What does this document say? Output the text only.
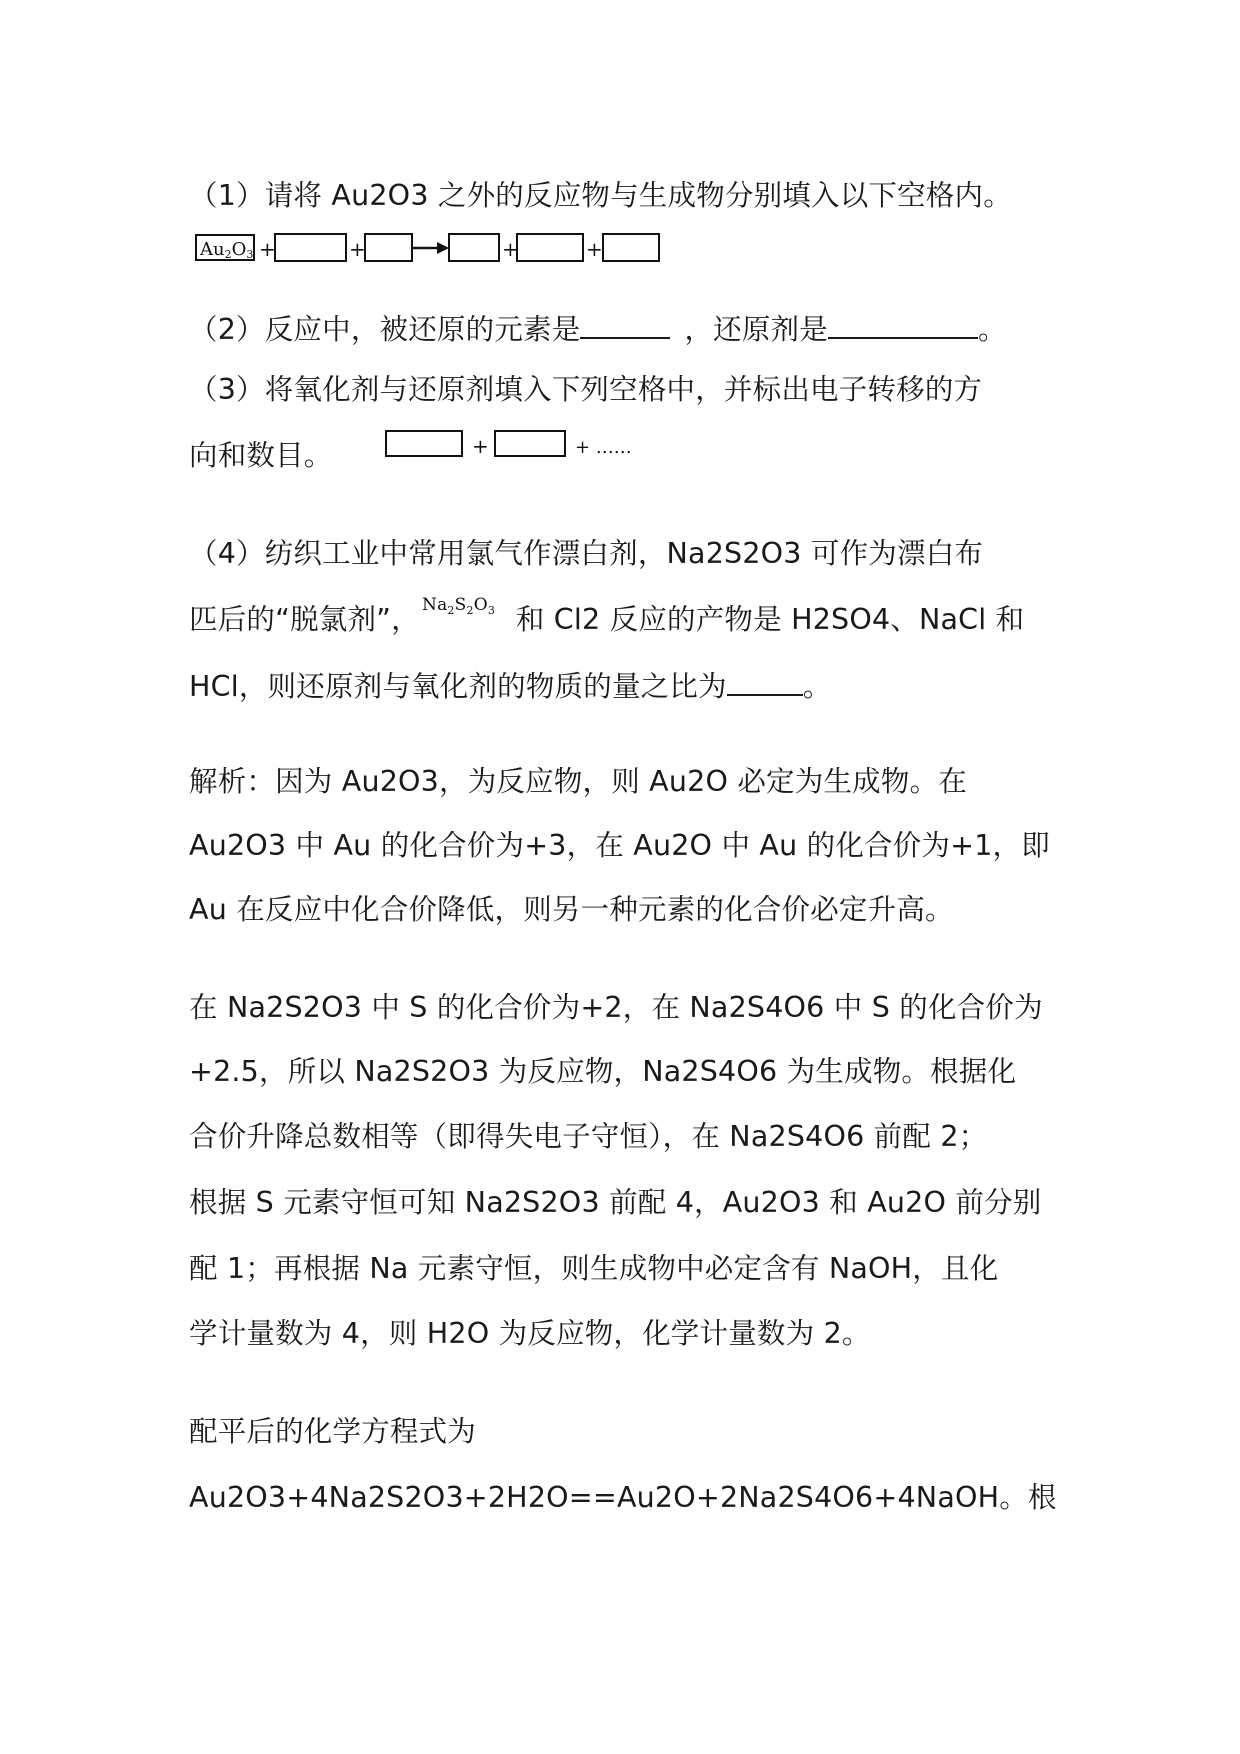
（1）请将 Au2O3 之外的反应物与生成物分别填入以下空格内。
Au2O3 +	+	+	+
（2）反应中，被还原的元素是	，还原剂是	。
（3）将氧化剂与还原剂填入下列空格中，并标出电子转移的方
向和数目。	+	+ ……
（4）纺织工业中常用氯气作漂白剂，Na2S2O3 可作为漂白布
匹后的“脱氯剂”， $Na_2S_2O_3$ 和 Cl2 反应的产物是 H2SO4、NaCl 和
HCl，则还原剂与氧化剂的物质的量之比为	。
解析：因为 Au2O3，为反应物，则 Au2O 必定为生成物。在
Au2O3 中 Au 的化合价为+3，在 Au2O 中 Au 的化合价为+1，即
Au 在反应中化合价降低，则另一种元素的化合价必定升高。
在 Na2S2O3 中 S 的化合价为+2，在 Na2S4O6 中 S 的化合价为
+2.5，所以 Na2S2O3 为反应物，Na2S4O6 为生成物。根据化
合价升降总数相等（即得失电子守恒），在 Na2S4O6 前配 2；
根据 S 元素守恒可知 Na2S2O3 前配 4，Au2O3 和 Au2O 前分别
配 1；再根据 Na 元素守恒，则生成物中必定含有 NaOH，且化
学计量数为 4，则 H2O 为反应物，化学计量数为 2。
配平后的化学方程式为
Au2O3+4Na2S2O3+2H2O==Au2O+2Na2S4O6+4NaOH。根
